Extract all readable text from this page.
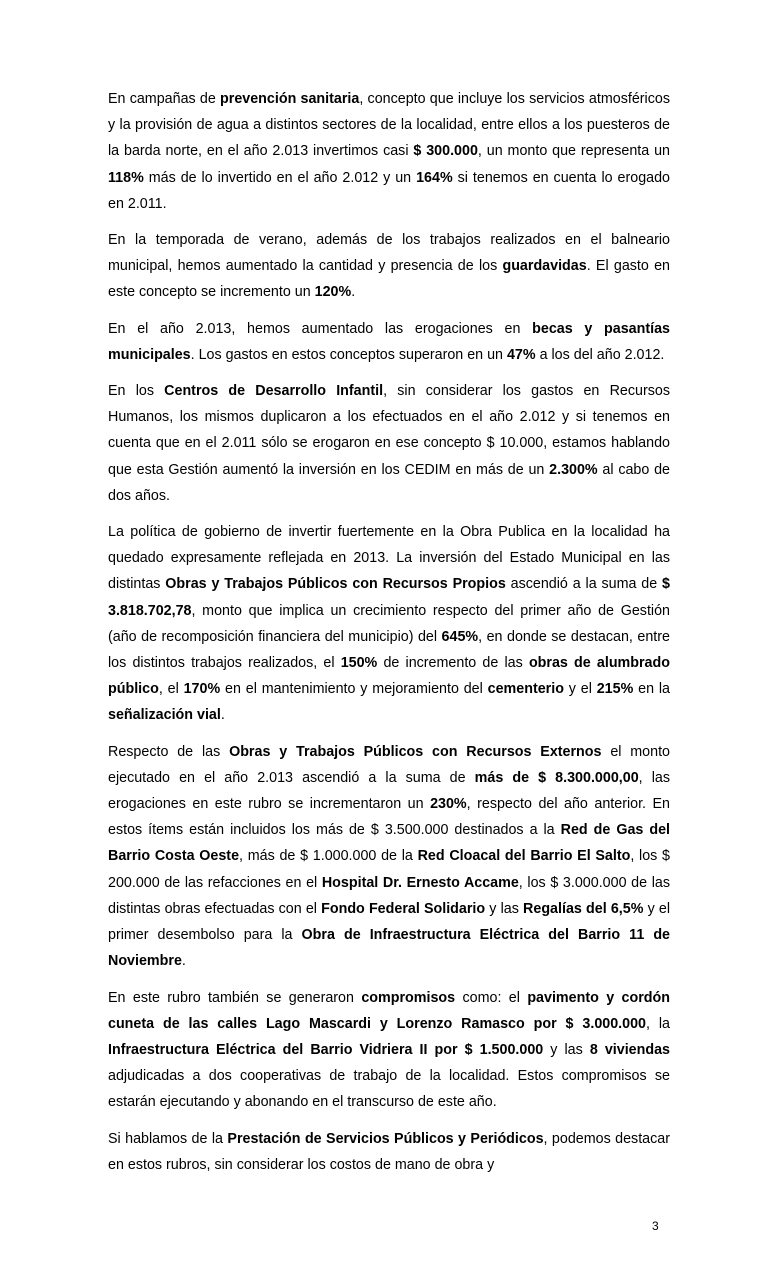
En campañas de prevención sanitaria, concepto que incluye los servicios atmosféricos y la provisión de agua a distintos sectores de la localidad, entre ellos a los puesteros de la barda norte, en el año 2.013 invertimos casi $ 300.000, un monto que representa un 118% más de lo invertido en el año 2.012 y un 164% si tenemos en cuenta lo erogado en 2.011.

En la temporada de verano, además de los trabajos realizados en el balneario municipal, hemos aumentado la cantidad y presencia de los guardavidas. El gasto en este concepto se incremento un 120%.

En el año 2.013, hemos aumentado las erogaciones en becas y pasantías municipales. Los gastos en estos conceptos superaron en un 47% a los del año 2.012.

En los Centros de Desarrollo Infantil, sin considerar los gastos en Recursos Humanos, los mismos duplicaron a los efectuados en el año 2.012 y si tenemos en cuenta que en el 2.011 sólo se erogaron en ese concepto $ 10.000, estamos hablando que esta Gestión aumentó la inversión en los CEDIM en más de un 2.300% al cabo de dos años.

La política de gobierno de invertir fuertemente en la Obra Publica en la localidad ha quedado expresamente reflejada en 2013. La inversión del Estado Municipal en las distintas Obras y Trabajos Públicos con Recursos Propios ascendió a la suma de $ 3.818.702,78, monto que implica un crecimiento respecto del primer año de Gestión (año de recomposición financiera del municipio) del 645%, en donde se destacan, entre los distintos trabajos realizados, el 150% de incremento de las obras de alumbrado público, el 170% en el mantenimiento y mejoramiento del cementerio y el 215% en la señalización vial.

Respecto de las Obras y Trabajos Públicos con Recursos Externos el monto ejecutado en el año 2.013 ascendió a la suma de más de $ 8.300.000,00, las erogaciones en este rubro se incrementaron un 230%, respecto del año anterior. En estos ítems están incluidos los más de $ 3.500.000 destinados a la Red de Gas del Barrio Costa Oeste, más de $ 1.000.000 de la Red Cloacal del Barrio El Salto, los $ 200.000 de las refacciones en el Hospital Dr. Ernesto Accame, los $ 3.000.000 de las distintas obras efectuadas con el Fondo Federal Solidario y las Regalías del 6,5% y el primer desembolso para la Obra de Infraestructura Eléctrica del Barrio 11 de Noviembre.

En este rubro también se generaron compromisos como: el pavimento y cordón cuneta de las calles Lago Mascardi y Lorenzo Ramasco por $ 3.000.000, la Infraestructura Eléctrica del Barrio Vidriera II por $ 1.500.000 y las 8 viviendas adjudicadas a dos cooperativas de trabajo de la localidad. Estos compromisos se estarán ejecutando y abonando en el transcurso de este año.

Si hablamos de la Prestación de Servicios Públicos y Periódicos, podemos destacar en estos rubros, sin considerar los costos de mano de obra y

3
